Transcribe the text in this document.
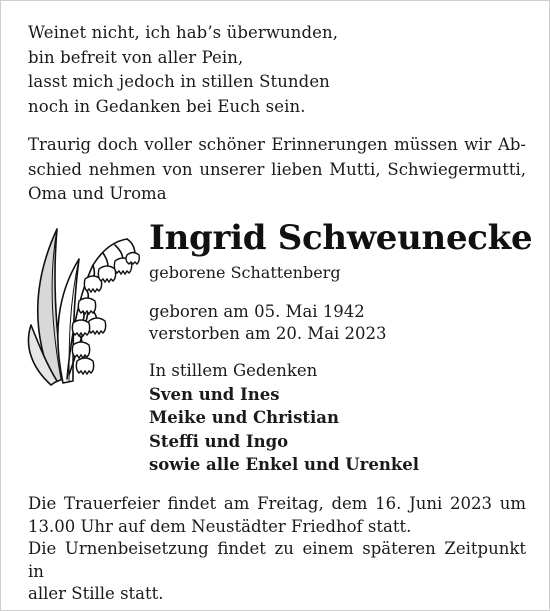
Weinet nicht, ich hab’s überwunden,
bin befreit von aller Pein,
lasst mich jedoch in stillen Stunden
noch in Gedanken bei Euch sein.
Traurig doch voller schöner Erinnerungen müssen wir Ab-
schied nehmen von unserer lieben Mutti, Schwiegermutti,
Oma und Uroma
Ingrid Schweunecke
geborene Schattenberg
geboren am 05. Mai 1942
verstorben am 20. Mai 2023
In stillem Gedenken
Sven und Ines
Meike und Christian
Steffi und Ingo
sowie alle Enkel und Urenkel
Die Trauerfeier findet am Freitag, dem 16. Juni 2023 um
13.00 Uhr auf dem Neustädter Friedhof statt.
Die Urnenbeisetzung findet zu einem späteren Zeitpunkt in
aller Stille statt.
